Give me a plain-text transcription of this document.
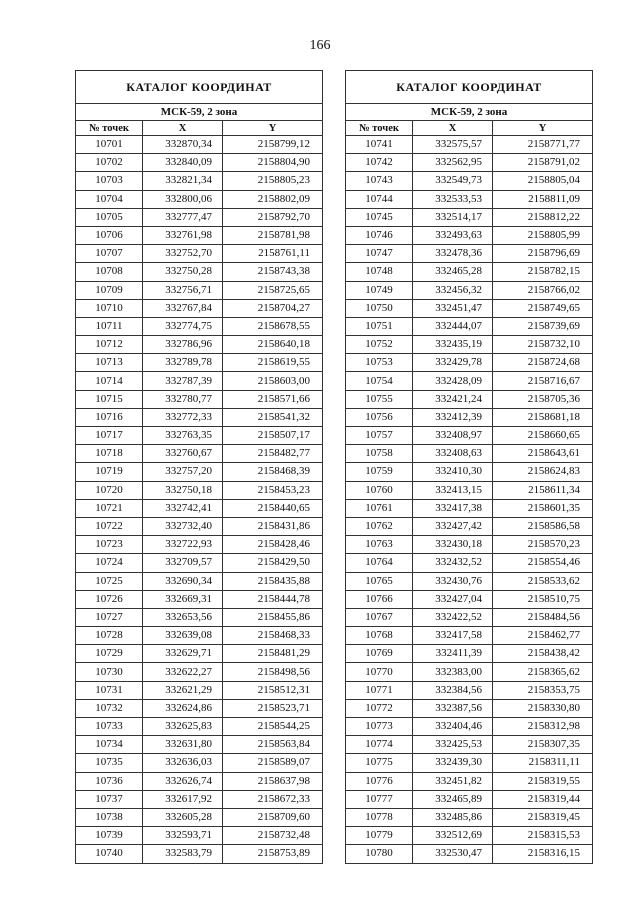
166
КАТАЛОГ КООРДИНАТ		
МСК-59, 2 зона		
№ точек	X	Y
10701	332870,34	2158799,12
10702	332840,09	2158804,90
10703	332821,34	2158805,23
10704	332800,06	2158802,09
10705	332777,47	2158792,70
10706	332761,98	2158781,98
10707	332752,70	2158761,11
10708	332750,28	2158743,38
10709	332756,71	2158725,65
10710	332767,84	2158704,27
10711	332774,75	2158678,55
10712	332786,96	2158640,18
10713	332789,78	2158619,55
10714	332787,39	2158603,00
10715	332780,77	2158571,66
10716	332772,33	2158541,32
10717	332763,35	2158507,17
10718	332760,67	2158482,77
10719	332757,20	2158468,39
10720	332750,18	2158453,23
10721	332742,41	2158440,65
10722	332732,40	2158431,86
10723	332722,93	2158428,46
10724	332709,57	2158429,50
10725	332690,34	2158435,88
10726	332669,31	2158444,78
10727	332653,56	2158455,86
10728	332639,08	2158468,33
10729	332629,71	2158481,29
10730	332622,27	2158498,56
10731	332621,29	2158512,31
10732	332624,86	2158523,71
10733	332625,83	2158544,25
10734	332631,80	2158563,84
10735	332636,03	2158589,07
10736	332626,74	2158637,98
10737	332617,92	2158672,33
10738	332605,28	2158709,60
10739	332593,71	2158732,48
10740	332583,79	2158753,89
КАТАЛОГ КООРДИНАТ		
МСК-59, 2 зона		
№ точек	X	Y
10741	332575,57	2158771,77
10742	332562,95	2158791,02
10743	332549,73	2158805,04
10744	332533,53	2158811,09
10745	332514,17	2158812,22
10746	332493,63	2158805,99
10747	332478,36	2158796,69
10748	332465,28	2158782,15
10749	332456,32	2158766,02
10750	332451,47	2158749,65
10751	332444,07	2158739,69
10752	332435,19	2158732,10
10753	332429,78	2158724,68
10754	332428,09	2158716,67
10755	332421,24	2158705,36
10756	332412,39	2158681,18
10757	332408,97	2158660,65
10758	332408,63	2158643,61
10759	332410,30	2158624,83
10760	332413,15	2158611,34
10761	332417,38	2158601,35
10762	332427,42	2158586,58
10763	332430,18	2158570,23
10764	332432,52	2158554,46
10765	332430,76	2158533,62
10766	332427,04	2158510,75
10767	332422,52	2158484,56
10768	332417,58	2158462,77
10769	332411,39	2158438,42
10770	332383,00	2158365,62
10771	332384,56	2158353,75
10772	332387,56	2158330,80
10773	332404,46	2158312,98
10774	332425,53	2158307,35
10775	332439,30	2158311,11
10776	332451,82	2158319,55
10777	332465,89	2158319,44
10778	332485,86	2158319,45
10779	332512,69	2158315,53
10780	332530,47	2158316,15
